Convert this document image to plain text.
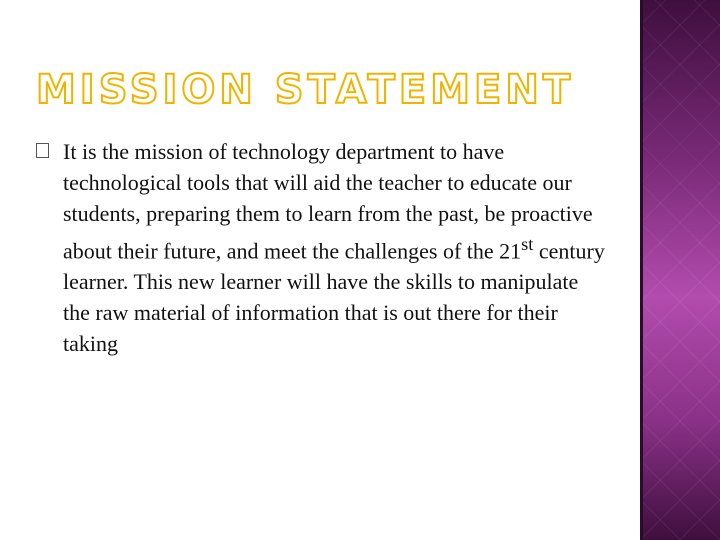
MISSION STATEMENT

It is the mission of technology department to have technological tools that will aid the teacher to educate our students, preparing them to learn from the past, be proactive about their future, and meet the challenges of the 21st century learner. This new learner will have the skills to manipulate the raw material of information that is out there for their taking
